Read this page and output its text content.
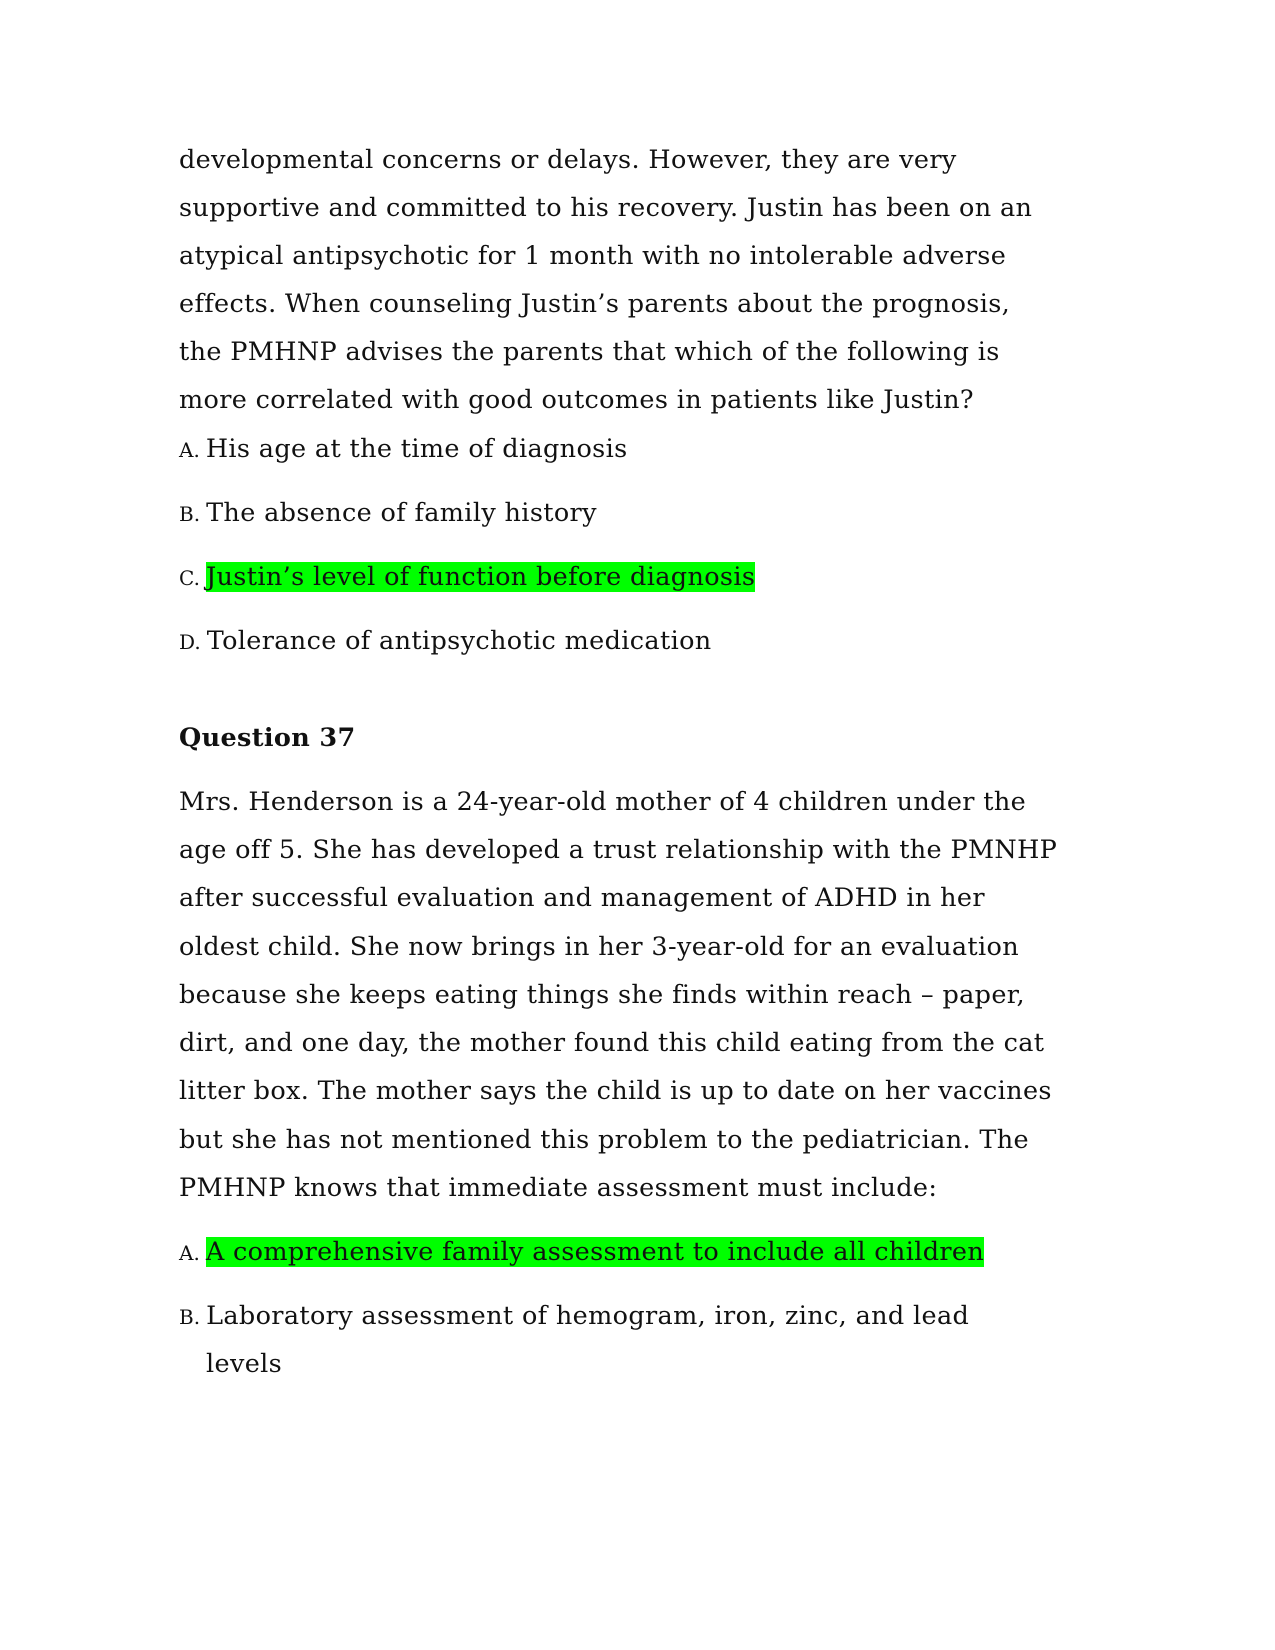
developmental concerns or delays. However, they are very
supportive and committed to his recovery. Justin has been on an
atypical antipsychotic for 1 month with no intolerable adverse
effects. When counseling Justin’s parents about the prognosis,
the PMHNP advises the parents that which of the following is
more correlated with good outcomes in patients like Justin?
A. His age at the time of diagnosis
B. The absence of family history
C. Justin’s level of function before diagnosis
D. Tolerance of antipsychotic medication
Question 37
Mrs. Henderson is a 24-year-old mother of 4 children under the
age off 5. She has developed a trust relationship with the PMNHP
after successful evaluation and management of ADHD in her
oldest child. She now brings in her 3-year-old for an evaluation
because she keeps eating things she finds within reach – paper,
dirt, and one day, the mother found this child eating from the cat
litter box. The mother says the child is up to date on her vaccines
but she has not mentioned this problem to the pediatrician. The
PMHNP knows that immediate assessment must include:
A. A comprehensive family assessment to include all children
B. Laboratory assessment of hemogram, iron, zinc, and lead
levels
